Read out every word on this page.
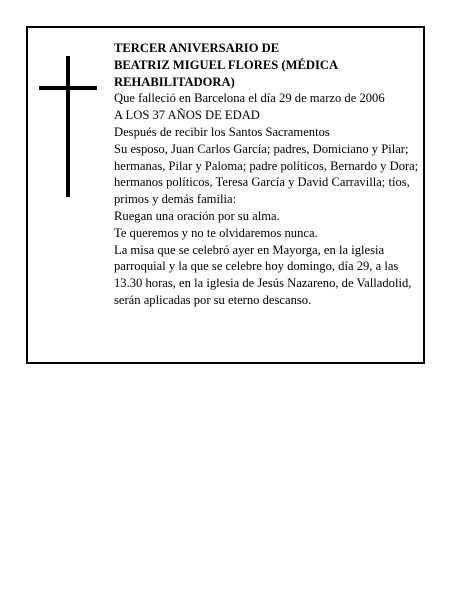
TERCER ANIVERSARIO DE

BEATRIZ MIGUEL FLORES (MÉDICA REHABILITADORA)

Que falleció en Barcelona el día 29 de marzo de 2006

A LOS 37 AÑOS DE EDAD

Después de recibir los Santos Sacramentos

Su esposo, Juan Carlos García; padres, Domiciano y Pilar; hermanas, Pilar y Paloma; padre políticos, Bernardo y Dora; hermanos políticos, Teresa García y David Carravilla; tíos, primos y demás familia:

Ruegan una oración por su alma.

Te queremos y no te olvidaremos nunca.

La misa que se celebró ayer en Mayorga, en la iglesia parroquial y la que se celebre hoy domingo, día 29, a las 13.30 horas, en la iglesia de Jesús Nazareno, de Valladolid, serán aplicadas por su eterno descanso.
